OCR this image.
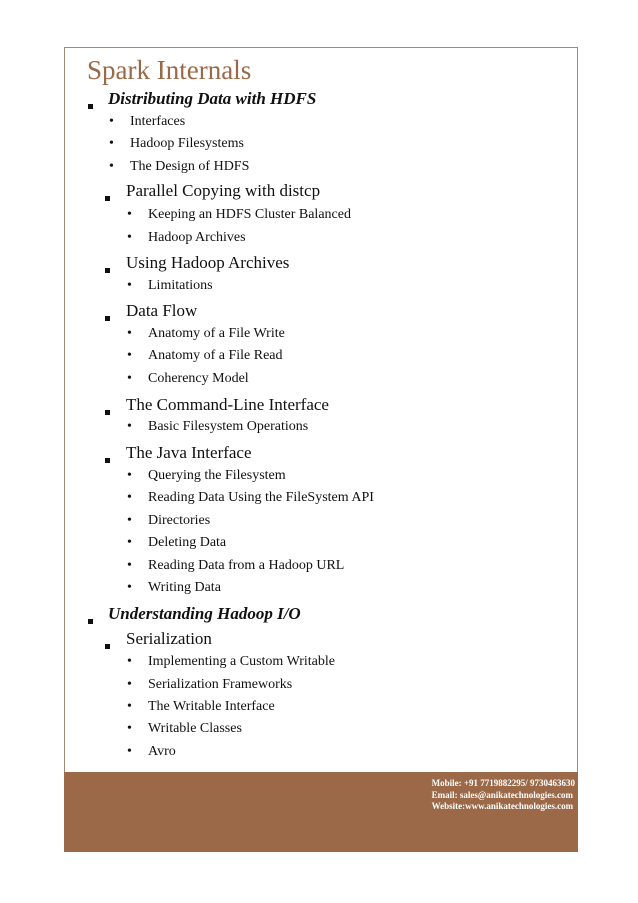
Spark Internals
Distributing Data with HDFS
• Interfaces
• Hadoop Filesystems
• The Design of HDFS
Parallel Copying with distcp
• Keeping an HDFS Cluster Balanced
• Hadoop Archives
Using Hadoop Archives
• Limitations
Data Flow
• Anatomy of a File Write
• Anatomy of a File Read
• Coherency Model
The Command-Line Interface
• Basic Filesystem Operations
The Java Interface
• Querying the Filesystem
• Reading Data Using the FileSystem API
• Directories
• Deleting Data
• Reading Data from a Hadoop URL
• Writing Data
Understanding Hadoop I/O
Serialization
• Implementing a Custom Writable
• Serialization Frameworks
• The Writable Interface
• Writable Classes
• Avro
Mobile: +91 7719882295/ 9730463630
Email: sales@anikatechnologies.com
Website:www.anikatechnologies.com
